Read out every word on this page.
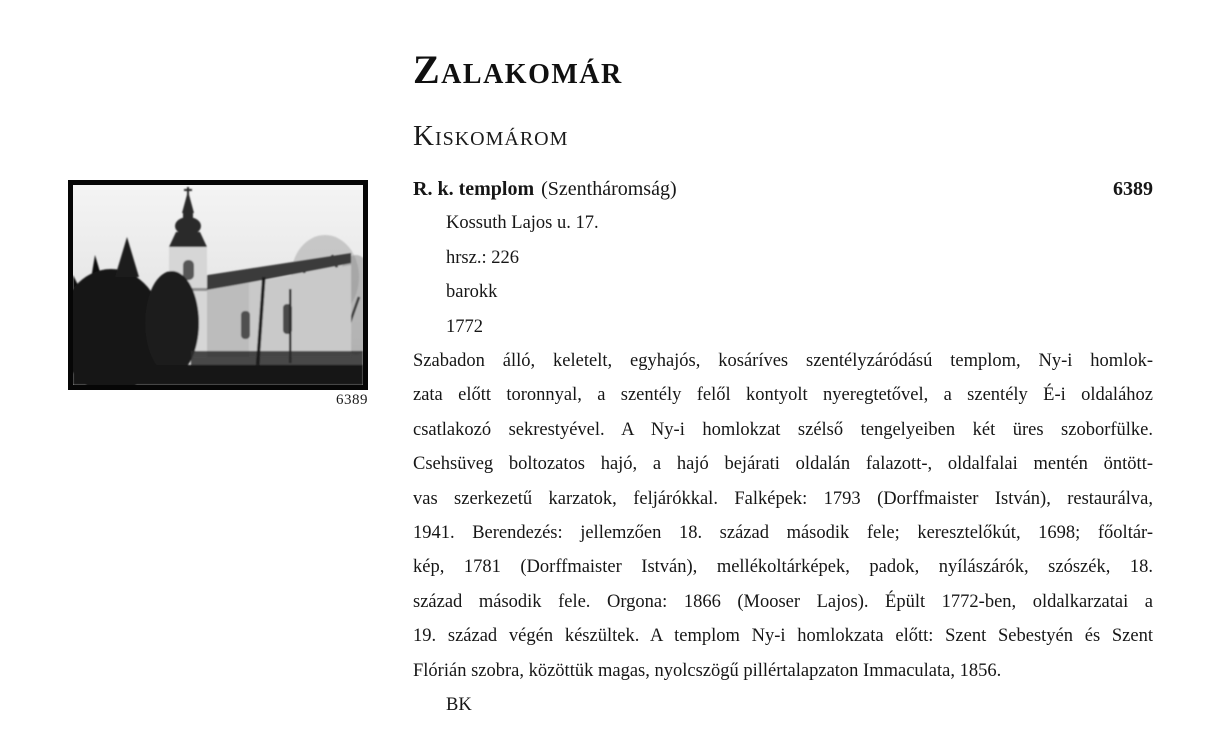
Zalakomár
Kiskomárom
6389
R. k. templom (Szentháromság)	6389
Kossuth Lajos u. 17.
hrsz.: 226
barokk
1772
Szabadon álló, keletelt, egyhajós, kosáríves szentélyzáródású templom, Ny-i homlok-
zata előtt toronnyal, a szentély felől kontyolt nyeregtetővel, a szentély É-i oldalához
csatlakozó sekrestyével. A Ny-i homlokzat szélső tengelyeiben két üres szoborfülke.
Csehsüveg boltozatos hajó, a hajó bejárati oldalán falazott-, oldalfalai mentén öntött-
vas szerkezetű karzatok, feljárókkal. Falképek: 1793 (Dorffmaister István), restaurálva,
1941. Berendezés: jellemzően 18. század második fele; keresztelőkút, 1698; főoltár-
kép, 1781 (Dorffmaister István), mellékoltárképek, padok, nyílászárók, szószék, 18.
század második fele. Orgona: 1866 (Mooser Lajos). Épült 1772-ben, oldalkarzatai a
19. század végén készültek. A templom Ny-i homlokzata előtt: Szent Sebestyén és Szent
Flórián szobra, közöttük magas, nyolcszögű pillértalapzaton Immaculata, 1856.
BK
